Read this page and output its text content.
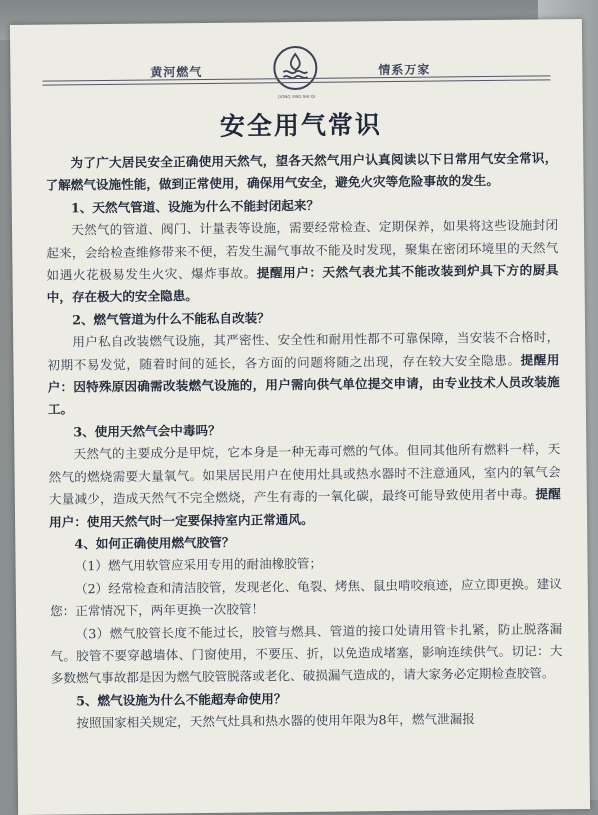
黄河燃气
DONG YING SHI QI
情系万家
安全用气常识

为了广大居民安全正确使用天然气，望各天然气用户认真阅读以下日常用气安全常识，了解燃气设施性能，做到正常使用，确保用气安全，避免火灾等危险事故的发生。

1、天然气管道、设施为什么不能封闭起来？

天然气的管道、阀门、计量表等设施，需要经常检查、定期保养，如果将这些设施封闭起来，会给检查维修带来不便，若发生漏气事故不能及时发现，聚集在密闭环境里的天然气如遇火花极易发生火灾、爆炸事故。提醒用户：天然气表尤其不能改装到炉具下方的厨具中，存在极大的安全隐患。

2、燃气管道为什么不能私自改装？

用户私自改装燃气设施，其严密性、安全性和耐用性都不可靠保障，当安装不合格时，初期不易发觉，随着时间的延长，各方面的问题将随之出现，存在较大安全隐患。提醒用户：因特殊原因确需改装燃气设施的，用户需向供气单位提交申请，由专业技术人员改装施工。

3、使用天然气会中毒吗？

天然气的主要成分是甲烷，它本身是一种无毒可燃的气体。但同其他所有燃料一样，天然气的燃烧需要大量氧气。如果居民用户在使用灶具或热水器时不注意通风，室内的氧气会大量减少，造成天然气不完全燃烧，产生有毒的一氧化碳，最终可能导致使用者中毒。提醒用户：使用天然气时一定要保持室内正常通风。

4、如何正确使用燃气胶管？

（1）燃气用软管应采用专用的耐油橡胶管；

（2）经常检查和清洁胶管，发现老化、龟裂、烤焦、鼠虫啃咬痕迹，应立即更换。建议您：正常情况下，两年更换一次胶管！

（3）燃气胶管长度不能过长，胶管与燃具、管道的接口处请用管卡扎紧，防止脱落漏气。胶管不要穿越墙体、门窗使用，不要压、折，以免造成堵塞，影响连续供气。切记：大多数燃气事故都是因为燃气胶管脱落或老化、破损漏气造成的，请大家务必定期检查胶管。

5、燃气设施为什么不能超寿命使用？

按照国家相关规定，天然气灶具和热水器的使用年限为8年，燃气泄漏报
